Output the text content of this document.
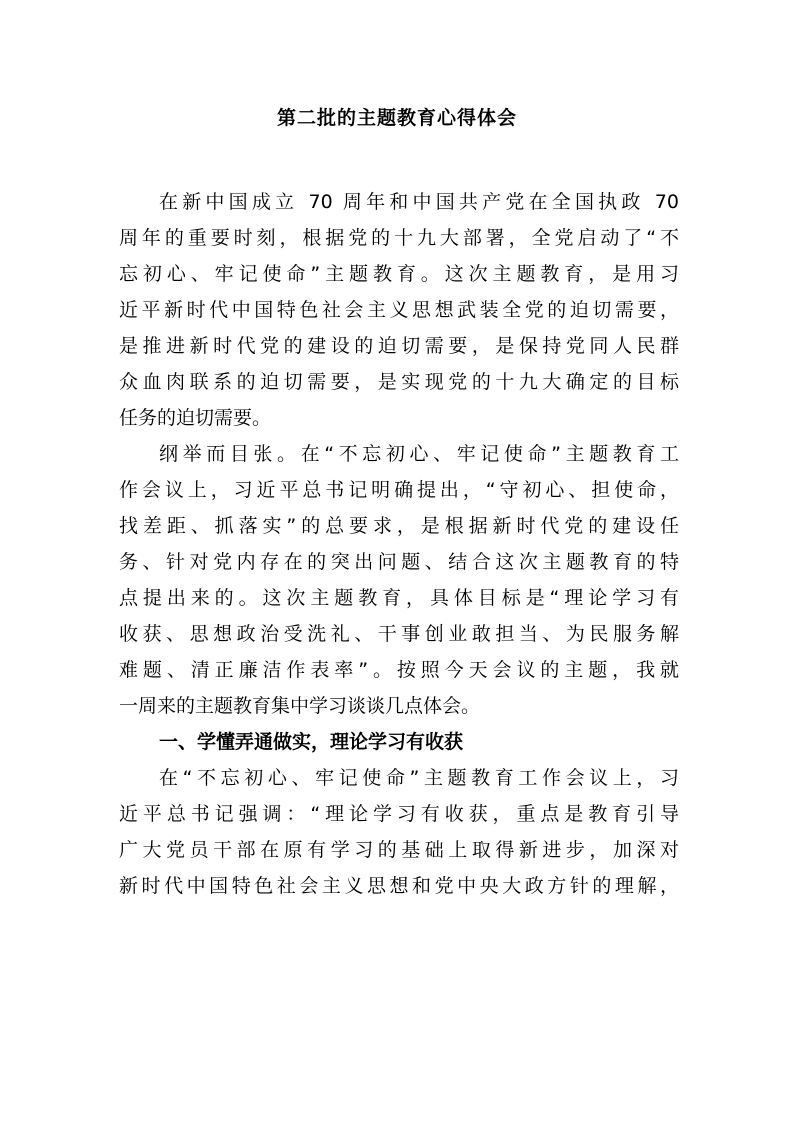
第二批的主题教育心得体会
在新中国成立 70 周年和中国共产党在全国执政 70
周年的重要时刻，根据党的十九大部署，全党启动了“不
忘初心、牢记使命”主题教育。这次主题教育，是用习
近平新时代中国特色社会主义思想武装全党的迫切需要，
是推进新时代党的建设的迫切需要，是保持党同人民群
众血肉联系的迫切需要，是实现党的十九大确定的目标
任务的迫切需要。
纲举而目张。在“不忘初心、牢记使命”主题教育工
作会议上，习近平总书记明确提出，“守初心、担使命，
找差距、抓落实”的总要求，是根据新时代党的建设任
务、针对党内存在的突出问题、结合这次主题教育的特
点提出来的。这次主题教育，具体目标是“理论学习有
收获、思想政治受洗礼、干事创业敢担当、为民服务解
难题、清正廉洁作表率”。按照今天会议的主题，我就
一周来的主题教育集中学习谈谈几点体会。
一、学懂弄通做实，理论学习有收获
在“不忘初心、牢记使命”主题教育工作会议上，习
近平总书记强调：“理论学习有收获，重点是教育引导
广大党员干部在原有学习的基础上取得新进步，加深对
新时代中国特色社会主义思想和党中央大政方针的理解，
